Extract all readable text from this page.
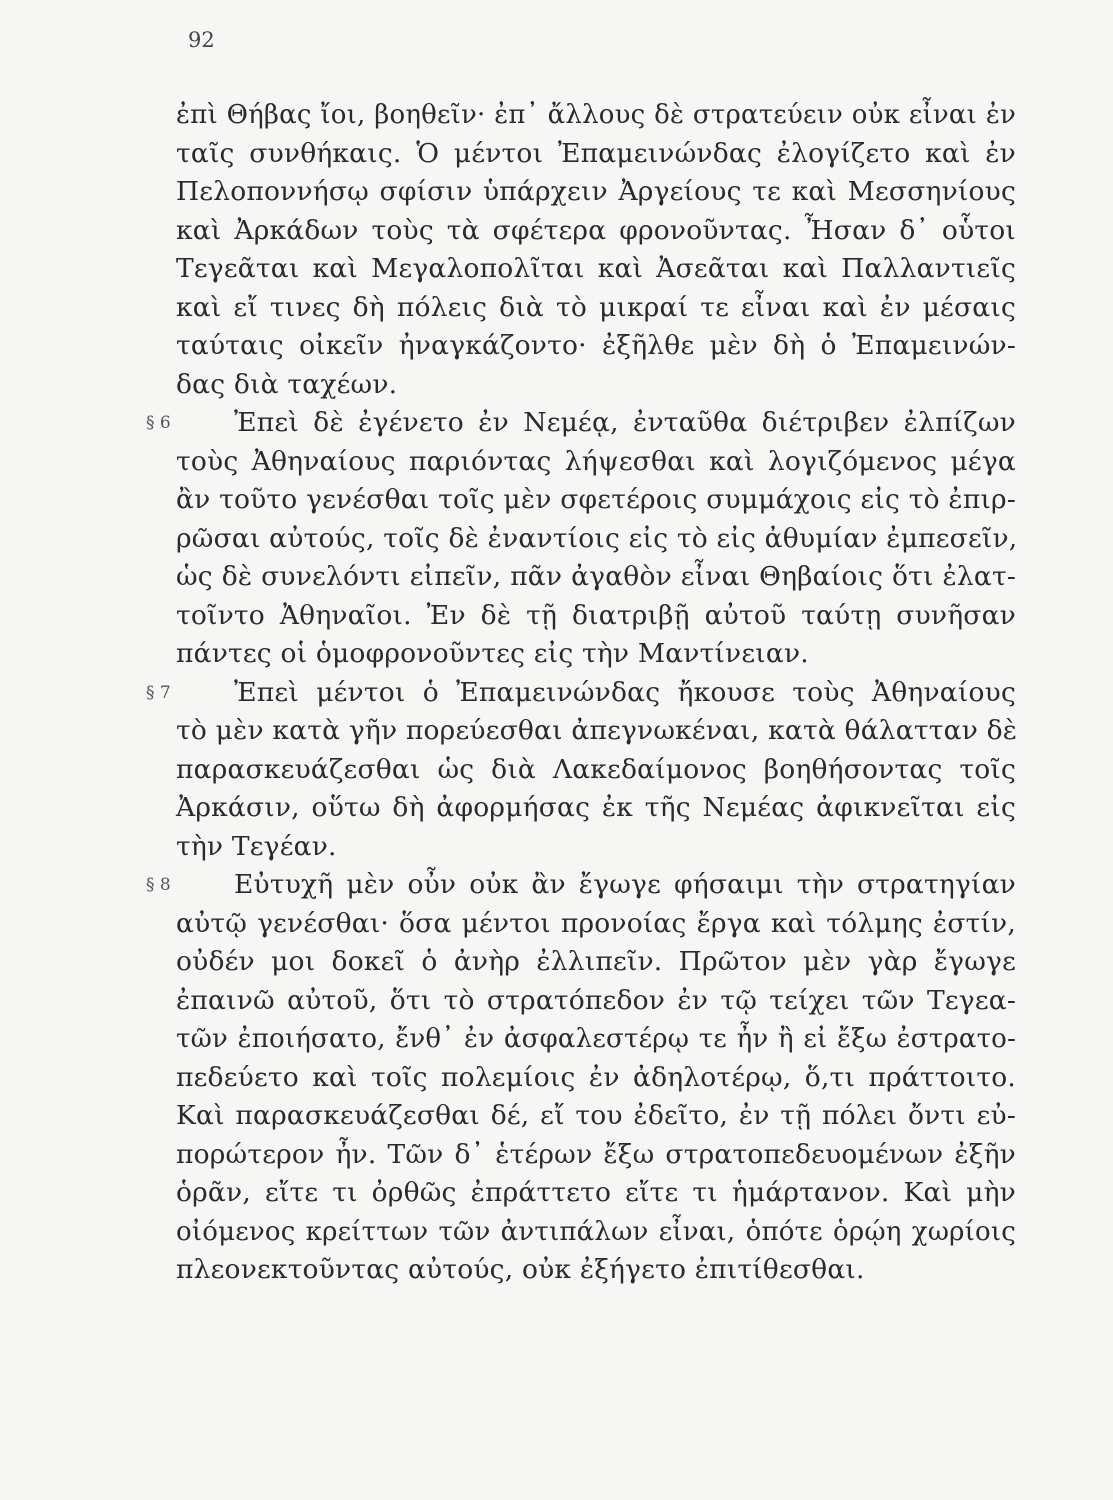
92
ἐπὶ Θήβας ἴοι, βοηθεῖν· ἐπ᾽ ἄλλους δὲ στρατεύειν οὐκ εἶναι ἐν
ταῖς συνθήκαις. Ὁ μέντοι Ἐπαμεινώνδας ἐλογίζετο καὶ ἐν
Πελοποννήσῳ σφίσιν ὑπάρχειν Ἀργείους τε καὶ Μεσσηνίους
καὶ Ἀρκάδων τοὺς τὰ σφέτερα φρονοῦντας. Ἦσαν δ᾽ οὗτοι
Τεγεᾶται καὶ Μεγαλοπολῖται καὶ Ἀσεᾶται καὶ Παλλαντιεῖς
καὶ εἴ τινες δὴ πόλεις διὰ τὸ μικραί τε εἶναι καὶ ἐν μέσαις
ταύταις οἰκεῖν ἠναγκάζοντο· ἐξῆλθε μὲν δὴ ὁ Ἐπαμεινών-
δας διὰ ταχέων.
§ 6 Ἐπεὶ δὲ ἐγένετο ἐν Νεμέᾳ, ἐνταῦθα διέτριβεν ἐλπίζων
τοὺς Ἀθηναίους παριόντας λήψεσθαι καὶ λογιζόμενος μέγα
ἂν τοῦτο γενέσθαι τοῖς μὲν σφετέροις συμμάχοις εἰς τὸ ἐπιρ-
ρῶσαι αὐτούς, τοῖς δὲ ἐναντίοις εἰς τὸ εἰς ἀθυμίαν ἐμπεσεῖν,
ὡς δὲ συνελόντι εἰπεῖν, πᾶν ἀγαθὸν εἶναι Θηβαίοις ὅτι ἐλατ-
τοῖντο Ἀθηναῖοι. Ἐν δὲ τῇ διατριβῇ αὐτοῦ ταύτῃ συνῆσαν
πάντες οἱ ὁμοφρονοῦντες εἰς τὴν Μαντίνειαν.
§ 7 Ἐπεὶ μέντοι ὁ Ἐπαμεινώνδας ἤκουσε τοὺς Ἀθηναίους
τὸ μὲν κατὰ γῆν πορεύεσθαι ἀπεγνωκέναι, κατὰ θάλατταν δὲ
παρασκευάζεσθαι ὡς διὰ Λακεδαίμονος βοηθήσοντας τοῖς
Ἀρκάσιν, οὕτω δὴ ἀφορμήσας ἐκ τῆς Νεμέας ἀφικνεῖται εἰς
τὴν Τεγέαν.
§ 8 Εὐτυχῆ μὲν οὖν οὐκ ἂν ἔγωγε φήσαιμι τὴν στρατηγίαν
αὐτῷ γενέσθαι· ὅσα μέντοι προνοίας ἔργα καὶ τόλμης ἐστίν,
οὐδέν μοι δοκεῖ ὁ ἀνὴρ ἐλλιπεῖν. Πρῶτον μὲν γὰρ ἔγωγε
ἐπαινῶ αὐτοῦ, ὅτι τὸ στρατόπεδον ἐν τῷ τείχει τῶν Τεγεα-
τῶν ἐποιήσατο, ἔνθ᾽ ἐν ἀσφαλεστέρῳ τε ἦν ἢ εἰ ἔξω ἐστρατο-
πεδεύετο καὶ τοῖς πολεμίοις ἐν ἀδηλοτέρῳ, ὅ,τι πράττοιτο.
Καὶ παρασκευάζεσθαι δέ, εἴ του ἐδεῖτο, ἐν τῇ πόλει ὄντι εὐ-
πορώτερον ἦν. Τῶν δ᾽ ἑτέρων ἔξω στρατοπεδευομένων ἐξῆν
ὁρᾶν, εἴτε τι ὀρθῶς ἐπράττετο εἴτε τι ἡμάρτανον. Καὶ μὴν
οἰόμενος κρείττων τῶν ἀντιπάλων εἶναι, ὁπότε ὁρῴη χωρίοις
πλεονεκτοῦντας αὐτούς, οὐκ ἐξήγετο ἐπιτίθεσθαι.
